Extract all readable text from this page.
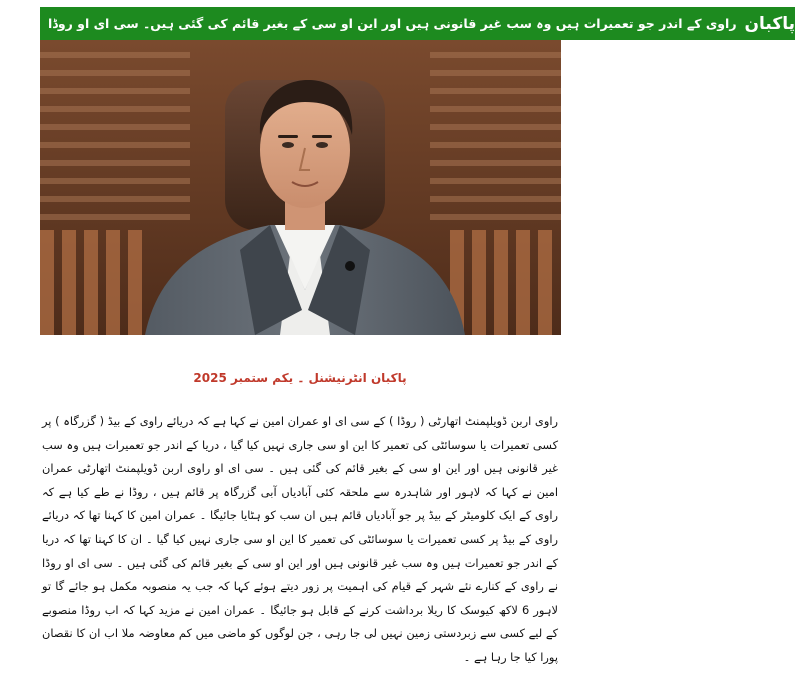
راوی کے اندر جو تعمیرات ہیں وہ سب غیر قانونی ہیں اور این او سی کے بغیر قائم کی گئی ہیں۔ سی ای او روڈا پاکبان
پاکبان انٹرنیشنل ۔ یکم ستمبر 2025
راوی اربن ڈویلپمنٹ اتھارٹی ( روڈا ) کے سی ای او عمران امین نے کہا ہے کہ دریائے راوی کے بیڈ ( گزرگاہ ) پر کسی تعمیرات یا سوسائٹی کی تعمیر کا این او سی جاری نہیں کیا گیا ، دریا کے اندر جو تعمیرات ہیں وہ سب غیر قانونی ہیں اور این او سی کے بغیر قائم کی گئی ہیں ۔ سی ای او راوی اربن ڈویلپمنٹ اتھارٹی عمران امین نے کہا کہ لاہور اور شاہدرہ سے ملحقہ کئی آبادیاں آبی گزرگاہ پر قائم ہیں ، روڈا نے طے کیا ہے کہ راوی کے ایک کلومیٹر کے بیڈ پر جو آبادیاں قائم ہیں ان سب کو ہٹایا جائیگا ۔ عمران امین کا کہنا تھا کہ دریائے راوی کے بیڈ پر کسی تعمیرات یا سوسائٹی کی تعمیر کا این او سی جاری نہیں کیا گیا ۔ ان کا کہنا تھا کہ دریا کے اندر جو تعمیرات ہیں وہ سب غیر قانونی ہیں اور این او سی کے بغیر قائم کی گئی ہیں ۔ سی ای او روڈا نے راوی کے کنارے نئے شہر کے قیام کی اہمیت پر زور دیتے ہوئے کہا کہ جب یہ منصوبہ مکمل ہو جائے گا تو لاہور 6 لاکھ کیوسک کا ریلا برداشت کرنے کے قابل ہو جائیگا ۔ عمران امین نے مزید کہا کہ اب روڈا منصوبے کے لیے کسی سے زبردستی زمین نہیں لی جا رہی ، جن لوگوں کو ماضی میں کم معاوضہ ملا اب ان کا نقصان پورا کیا جا رہا ہے ۔
